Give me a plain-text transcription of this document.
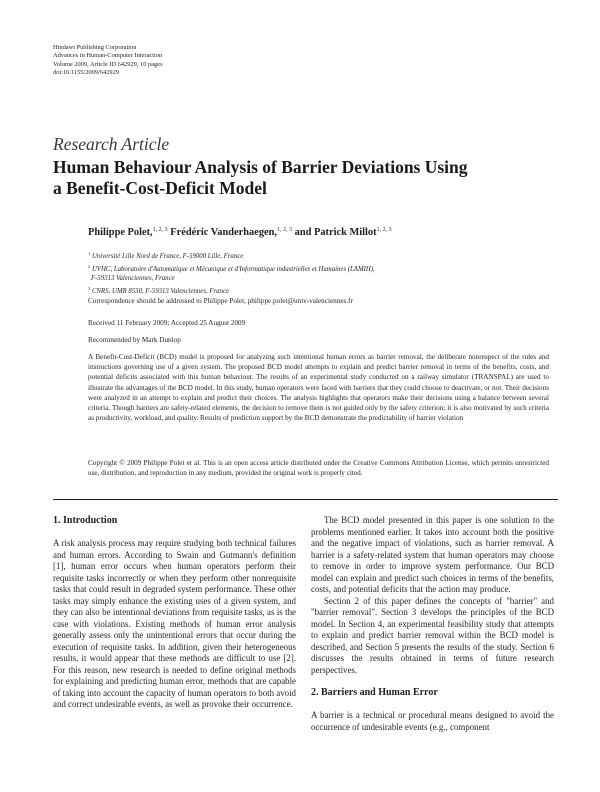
Hindawi Publishing Corporation
Advances in Human-Computer Interaction
Volume 2009, Article ID 642929, 10 pages
doi:10.1155/2009/642929
Research Article
Human Behaviour Analysis of Barrier Deviations Using
a Benefit-Cost-Deficit Model
Philippe Polet,$^{1, 2, 3}$ Frédéric Vanderhaegen,$^{1, 2, 3}$ and Patrick Millot$^{1, 2, 3}$
$^1$ Université Lille Nord de France, F-59000 Lille, France
$^2$ UVHC, Laboratoire d'Automatique et Mécanique et d'Informatique industrielles et Humaines (LAMIH),
F-59313 Valenciennes, France
$^3$ CNRS, UMR 8530, F-59313 Valenciennes, France
Correspondence should be addressed to Philippe Polet, philippe.polet@univ-valenciennes.fr
Received 11 February 2009; Accepted 25 August 2009
Recommended by Mark Dunlop
A Benefit-Cost-Deficit (BCD) model is proposed for analyzing such intentional human errors as barrier removal, the deliberate nonrespect of the rules and instructions governing use of a given system. The proposed BCD model attempts to explain and predict barrier removal in terms of the benefits, costs, and potential deficits associated with this human behaviour. The results of an experimental study conducted on a railway simulator (TRANSPAL) are used to illustrate the advantages of the BCD model. In this study, human operators were faced with barriers that they could choose to deactivate, or not. Their decisions were analyzed in an attempt to explain and predict their choices. The analysis highlights that operators make their decisions using a balance between several criteria. Though barriers are safety-related elements, the decision to remove them is not guided only by the safety criterion; it is also motivated by such criteria as productivity, workload, and quality. Results of prediction support by the BCD demonstrate the predictability of barrier violation
Copyright © 2009 Philippe Polet et al. This is an open access article distributed under the Creative Commons Attribution License, which permits unrestricted use, distribution, and reproduction in any medium, provided the original work is properly cited.
1. Introduction

A risk analysis process may require studying both technical failures and human errors. According to Swain and Gutmann's definition [1], human error occurs when human operators perform their requisite tasks incorrectly or when they perform other nonrequisite tasks that could result in degraded system performance. These other tasks may simply enhance the existing uses of a given system, and they can also be intentional deviations from requisite tasks, as is the case with violations. Existing methods of human error analysis generally assess only the unintentional errors that occur during the execution of requisite tasks. In addition, given their heterogeneous results, it would appear that these methods are difficult to use [2]. For this reason, new research is needed to define original methods for explaining and predicting human error, methods that are capable of taking into account the capacity of human operators to both avoid and correct undesirable events, as well as provoke their occurrence.

The BCD model presented in this paper is one solution to the problems mentioned earlier. It takes into account both the positive and the negative impact of violations, such as barrier removal. A barrier is a safety-related system that human operators may choose to remove in order to improve system performance. Our BCD model can explain and predict such choices in terms of the benefits, costs, and potential deficits that the action may produce.

Section 2 of this paper defines the concepts of "barrier" and "barrier removal". Section 3 develops the principles of the BCD model. In Section 4, an experimental feasibility study that attempts to explain and predict barrier removal within the BCD model is described, and Section 5 presents the results of the study. Section 6 discusses the results obtained in terms of future research perspectives.

2. Barriers and Human Error

A barrier is a technical or procedural means designed to avoid the occurrence of undesirable events (e.g., component
